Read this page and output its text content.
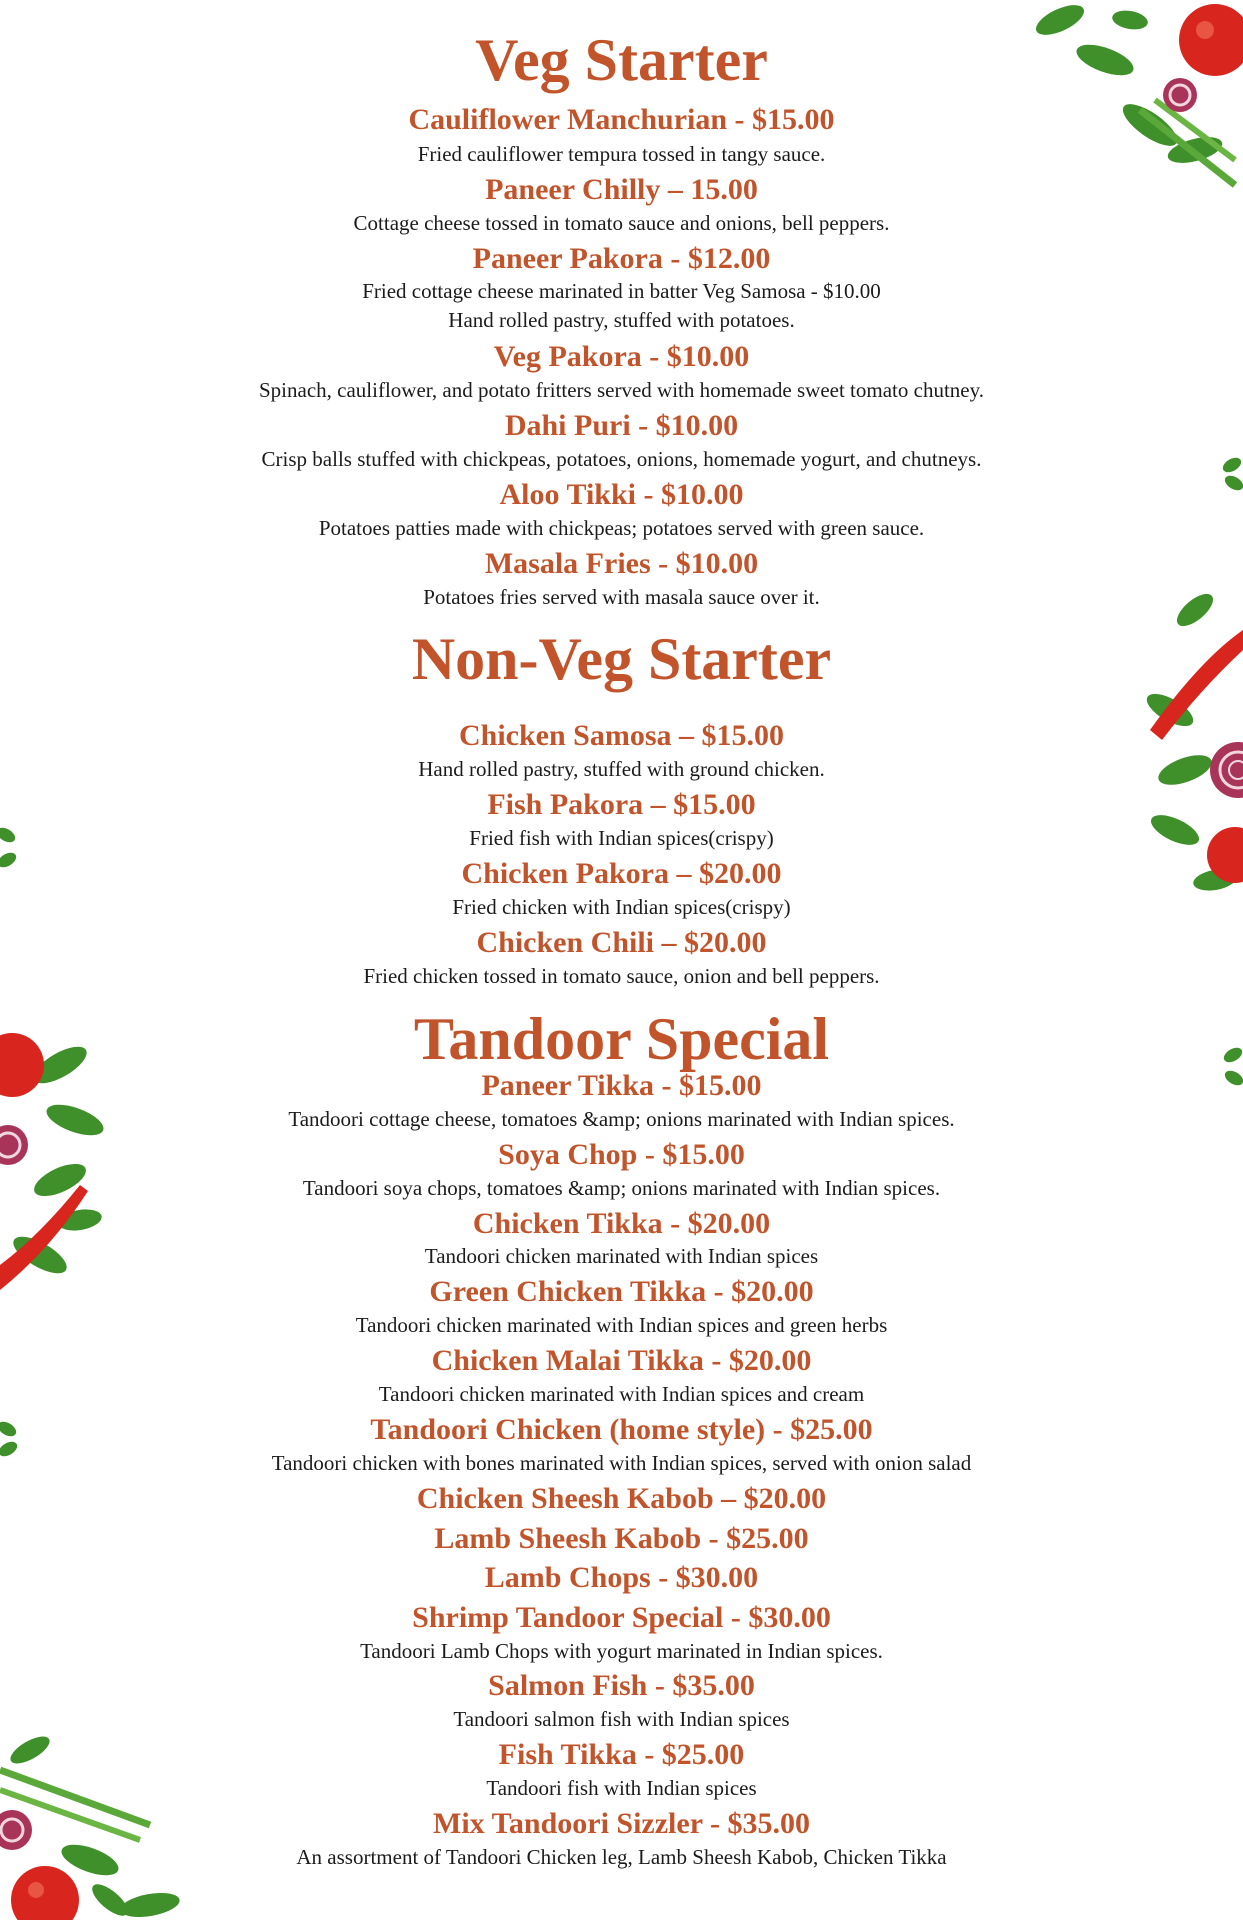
Veg Starter
Cauliflower Manchurian - $15.00
Fried cauliflower tempura tossed in tangy sauce.
Paneer Chilly – 15.00
Cottage cheese tossed in tomato sauce and onions, bell peppers.
Paneer Pakora - $12.00
Fried cottage cheese marinated in batter Veg Samosa - $10.00
Hand rolled pastry, stuffed with potatoes.
Veg Pakora - $10.00
Spinach, cauliflower, and potato fritters served with homemade sweet tomato chutney.
Dahi Puri - $10.00
Crisp balls stuffed with chickpeas, potatoes, onions, homemade yogurt, and chutneys.
Aloo Tikki - $10.00
Potatoes patties made with chickpeas; potatoes served with green sauce.
Masala Fries - $10.00
Potatoes fries served with masala sauce over it.
Non-Veg Starter
Chicken Samosa – $15.00
Hand rolled pastry, stuffed with ground chicken.
Fish Pakora – $15.00
Fried fish with Indian spices(crispy)
Chicken Pakora – $20.00
Fried chicken with Indian spices(crispy)
Chicken Chili – $20.00
Fried chicken tossed in tomato sauce, onion and bell peppers.
Tandoor Special
Paneer Tikka - $15.00
Tandoori cottage cheese, tomatoes &amp; onions marinated with Indian spices.
Soya Chop - $15.00
Tandoori soya chops, tomatoes &amp; onions marinated with Indian spices.
Chicken Tikka - $20.00
Tandoori chicken marinated with Indian spices
Green Chicken Tikka - $20.00
Tandoori chicken marinated with Indian spices and green herbs
Chicken Malai Tikka - $20.00
Tandoori chicken marinated with Indian spices and cream
Tandoori Chicken (home style) - $25.00
Tandoori chicken with bones marinated with Indian spices, served with onion salad
Chicken Sheesh Kabob – $20.00
Lamb Sheesh Kabob - $25.00
Lamb Chops - $30.00
Shrimp Tandoor Special - $30.00
Tandoori Lamb Chops with yogurt marinated in Indian spices.
Salmon Fish - $35.00
Tandoori salmon fish with Indian spices
Fish Tikka - $25.00
Tandoori fish with Indian spices
Mix Tandoori Sizzler - $35.00
An assortment of Tandoori Chicken leg, Lamb Sheesh Kabob, Chicken Tikka
